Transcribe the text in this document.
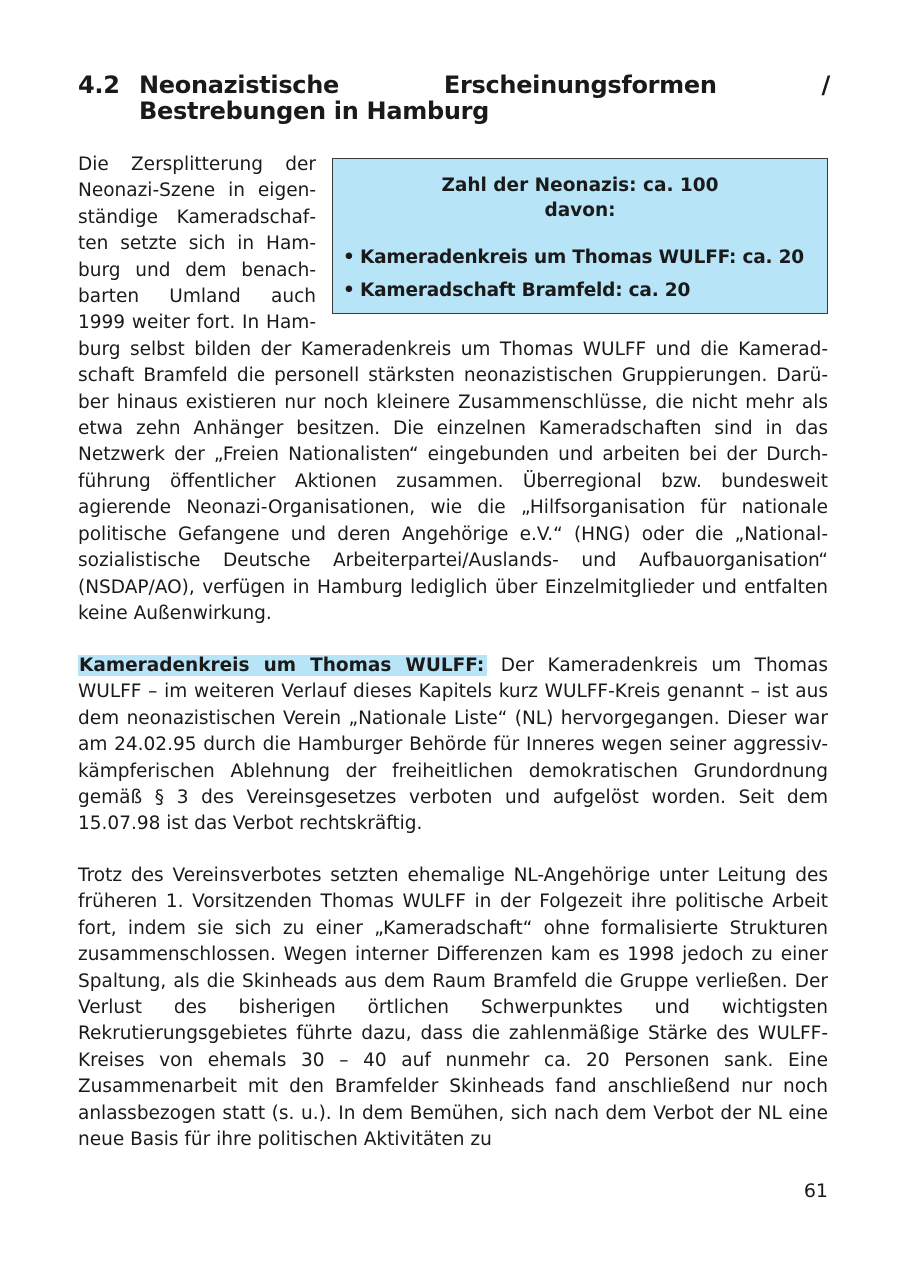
4.2 Neonazistische Erscheinungsformen / Bestrebungen in Hamburg
Zahl der Neonazis: ca. 100
davon:
• Kameradenkreis um Thomas WULFF: ca. 20
• Kameradschaft Bramfeld: ca. 20

Die Zersplitterung der Neonazi-Szene in eigenständige Kameradschaften setzte sich in Hamburg und dem benachbarten Umland auch 1999 weiter fort. In Hamburg selbst bilden der Kameradenkreis um Thomas WULFF und die Kameradschaft Bramfeld die personell stärksten neonazistischen Gruppierungen. Darüber hinaus existieren nur noch kleinere Zusammenschlüsse, die nicht mehr als etwa zehn Anhänger besitzen. Die einzelnen Kameradschaften sind in das Netzwerk der „Freien Nationalisten“ eingebunden und arbeiten bei der Durchführung öffentlicher Aktionen zusammen. Überregional bzw. bundesweit agierende Neonazi-Organisationen, wie die „Hilfsorganisation für nationale politische Gefangene und deren Angehörige e.V.“ (HNG) oder die „Nationalsozialistische Deutsche Arbeiterpartei/Auslands- und Aufbauorganisation“ (NSDAP/AO), verfügen in Hamburg lediglich über Einzelmitglieder und entfalten keine Außenwirkung.

Kameradenkreis um Thomas WULFF: Der Kameradenkreis um Thomas WULFF – im weiteren Verlauf dieses Kapitels kurz WULFF-Kreis genannt – ist aus dem neonazistischen Verein „Nationale Liste“ (NL) hervorgegangen. Dieser war am 24.02.95 durch die Hamburger Behörde für Inneres wegen seiner aggressiv-kämpferischen Ablehnung der freiheitlichen demokratischen Grundordnung gemäß § 3 des Vereinsgesetzes verboten und aufgelöst worden. Seit dem 15.07.98 ist das Verbot rechtskräftig.
Trotz des Vereinsverbotes setzten ehemalige NL-Angehörige unter Leitung des früheren 1. Vorsitzenden Thomas WULFF in der Folgezeit ihre politische Arbeit fort, indem sie sich zu einer „Kameradschaft“ ohne formalisierte Strukturen zusammenschlossen. Wegen interner Differenzen kam es 1998 jedoch zu einer Spaltung, als die Skinheads aus dem Raum Bramfeld die Gruppe verließen. Der Verlust des bisherigen örtlichen Schwerpunktes und wichtigsten Rekrutierungsgebietes führte dazu, dass die zahlenmäßige Stärke des WULFF-Kreises von ehemals 30 – 40 auf nunmehr ca. 20 Personen sank. Eine Zusammenarbeit mit den Bramfelder Skinheads fand anschließend nur noch anlassbezogen statt (s. u.). In dem Bemühen, sich nach dem Verbot der NL eine neue Basis für ihre politischen Aktivitäten zu
61
